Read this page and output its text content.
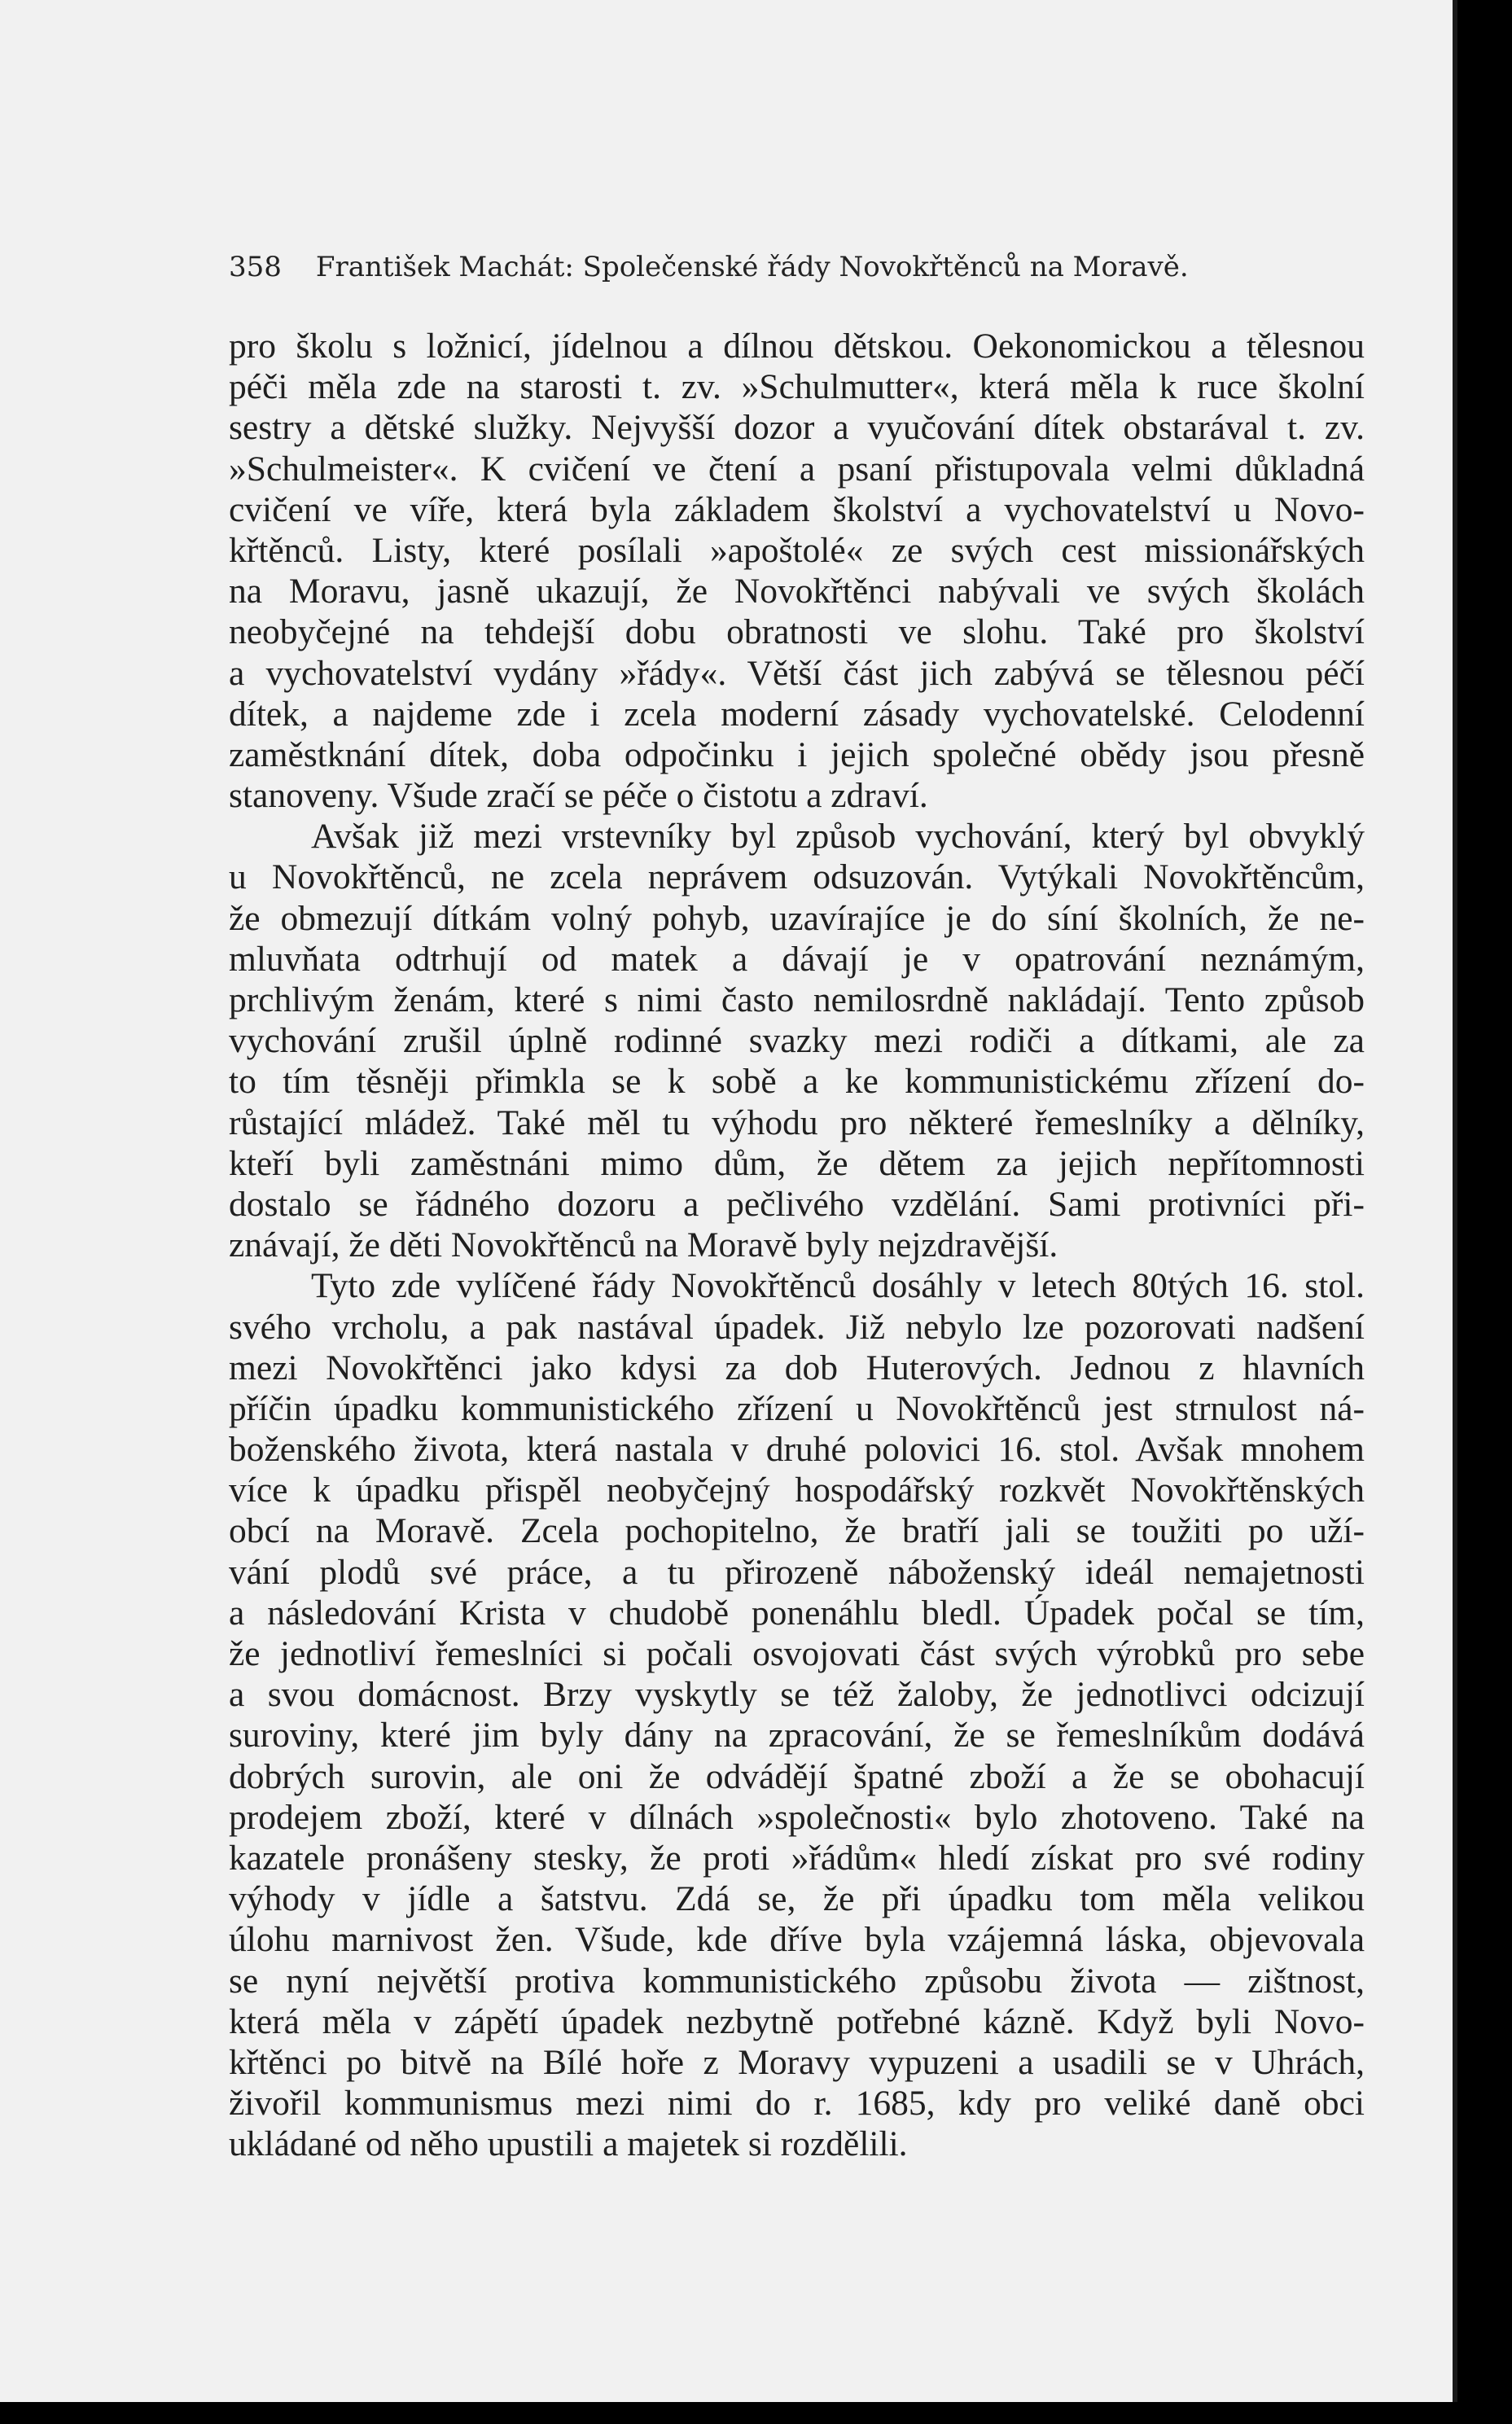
358 František Machát: Společenské řády Novokřtěnců na Moravě.
pro školu s ložnicí, jídelnou a dílnou dětskou. Oekonomickou a tělesnou
péči měla zde na starosti t. zv. »Schulmutter«, která měla k ruce školní
sestry a dětské služky. Nejvyšší dozor a vyučování dítek obstarával t. zv.
»Schulmeister«. K cvičení ve čtení a psaní přistupovala velmi důkladná
cvičení ve víře, která byla základem školství a vychovatelství u Novo-
křtěnců. Listy, které posílali »apoštolé« ze svých cest missionářských
na Moravu, jasně ukazují, že Novokřtěnci nabývali ve svých školách
neobyčejné na tehdejší dobu obratnosti ve slohu. Také pro školství
a vychovatelství vydány »řády«. Větší část jich zabývá se tělesnou péčí
dítek, a najdeme zde i zcela moderní zásady vychovatelské. Celodenní
zaměstknání dítek, doba odpočinku i jejich společné obědy jsou přesně
stanoveny. Všude zračí se péče o čistotu a zdraví.
Avšak již mezi vrstevníky byl způsob vychování, který byl obvyklý
u Novokřtěnců, ne zcela neprávem odsuzován. Vytýkali Novokřtěncům,
že obmezují dítkám volný pohyb, uzavírajíce je do síní školních, že ne-
mluvňata odtrhují od matek a dávají je v opatrování neznámým,
prchlivým ženám, které s nimi často nemilosrdně nakládají. Tento způsob
vychování zrušil úplně rodinné svazky mezi rodiči a dítkami, ale za
to tím těsněji přimkla se k sobě a ke kommunistickému zřízení do-
růstající mládež. Také měl tu výhodu pro některé řemeslníky a dělníky,
kteří byli zaměstnáni mimo dům, že dětem za jejich nepřítomnosti
dostalo se řádného dozoru a pečlivého vzdělání. Sami protivníci při-
znávají, že děti Novokřtěnců na Moravě byly nejzdravější.
Tyto zde vylíčené řády Novokřtěnců dosáhly v letech 80tých 16. stol.
svého vrcholu, a pak nastával úpadek. Již nebylo lze pozorovati nadšení
mezi Novokřtěnci jako kdysi za dob Huterových. Jednou z hlavních
příčin úpadku kommunistického zřízení u Novokřtěnců jest strnulost ná-
boženského života, která nastala v druhé polovici 16. stol. Avšak mnohem
více k úpadku přispěl neobyčejný hospodářský rozkvět Novokřtěnských
obcí na Moravě. Zcela pochopitelno, že bratří jali se toužiti po uží-
vání plodů své práce, a tu přirozeně náboženský ideál nemajetnosti
a následování Krista v chudobě ponenáhlu bledl. Úpadek počal se tím,
že jednotliví řemeslníci si počali osvojovati část svých výrobků pro sebe
a svou domácnost. Brzy vyskytly se též žaloby, že jednotlivci odcizují
suroviny, které jim byly dány na zpracování, že se řemeslníkům dodává
dobrých surovin, ale oni že odvádějí špatné zboží a že se obohacují
prodejem zboží, které v dílnách »společnosti« bylo zhotoveno. Také na
kazatele pronášeny stesky, že proti »řádům« hledí získat pro své rodiny
výhody v jídle a šatstvu. Zdá se, že při úpadku tom měla velikou
úlohu marnivost žen. Všude, kde dříve byla vzájemná láska, objevovala
se nyní největší protiva kommunistického způsobu života — zištnost,
která měla v zápětí úpadek nezbytně potřebné kázně. Když byli Novo-
křtěnci po bitvě na Bílé hoře z Moravy vypuzeni a usadili se v Uhrách,
živořil kommunismus mezi nimi do r. 1685, kdy pro veliké daně obci
ukládané od něho upustili a majetek si rozdělili.
